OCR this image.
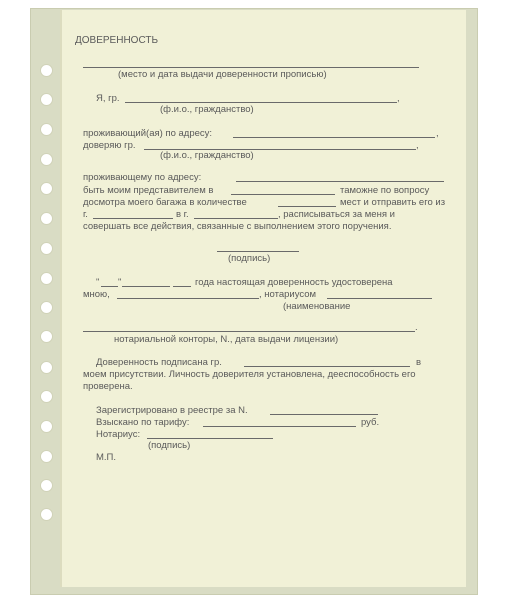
ДОВЕРЕННОСТЬ
(место и дата выдачи доверенности прописью)
Я, гр.	,
(ф.и.о., гражданство)
проживающий(ая) по адресу:	,
доверяю гр.	,
(ф.и.о., гражданство)
проживающему по адресу:
быть моим представителем в	таможне по вопросу
досмотра моего багажа в количестве	мест и отправить его из
г.	в г.	, расписываться за меня и
совершать все действия, связанные с выполнением этого поручения.
(подпись)
" "	года настоящая доверенность удостоверена
мною,	, нотариусом
(наименование
.
нотариальной конторы, N., дата выдачи лицензии)
Доверенность подписана гр.	в
моем присутствии. Личность доверителя установлена, дееспособность его
проверена.
Зарегистрировано в реестре за N.
Взыскано по тарифу:	руб.
Нотариус:
(подпись)
М.П.
